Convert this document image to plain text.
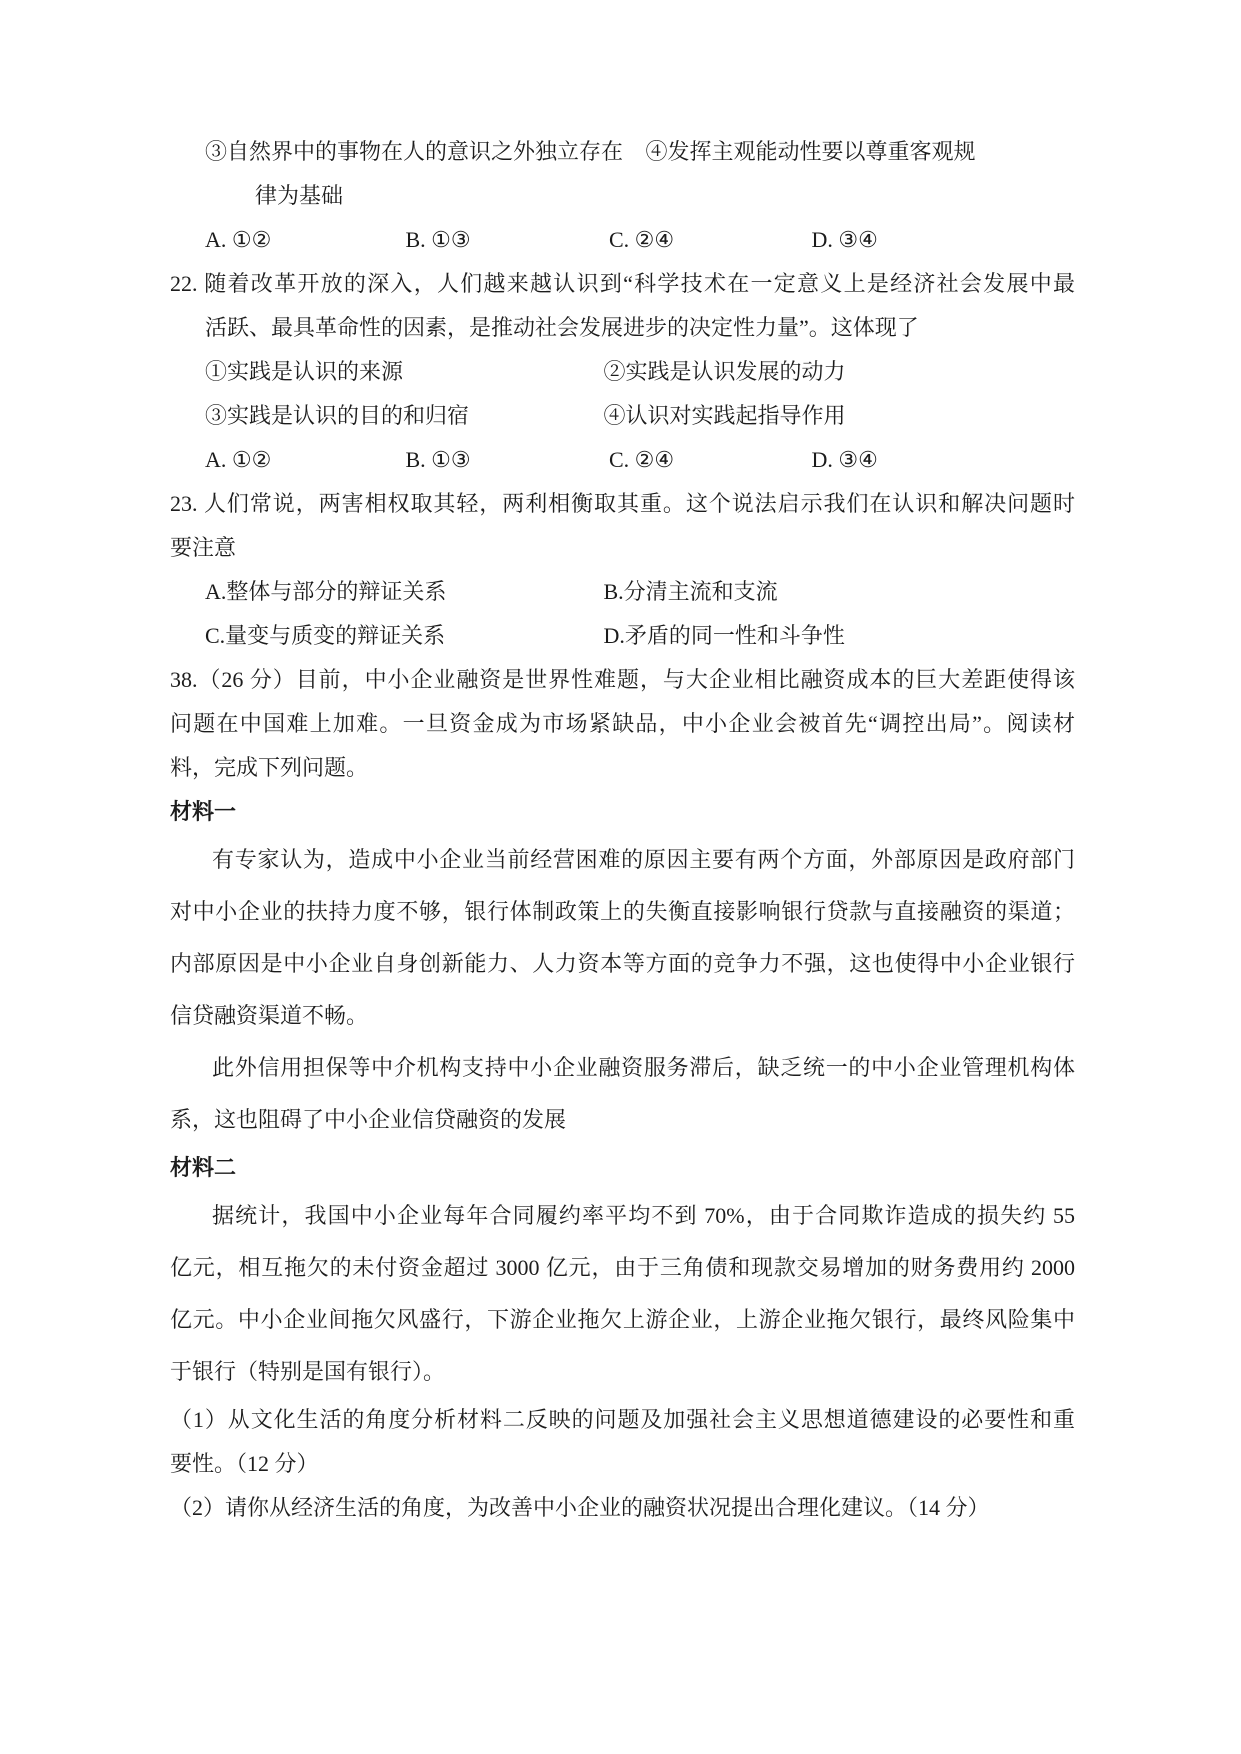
③自然界中的事物在人的意识之外独立存在 ④发挥主观能动性要以尊重客观规
律为基础
A. ①②	B. ①③	C. ②④	D. ③④
22. 随着改革开放的深入，人们越来越认识到“科学技术在一定意义上是经济社会发展中最
活跃、最具革命性的因素，是推动社会发展进步的决定性力量”。这体现了
①实践是认识的来源	②实践是认识发展的动力
③实践是认识的目的和归宿	④认识对实践起指导作用
A. ①②	B. ①③	C. ②④	D. ③④
23. 人们常说，两害相权取其轻，两利相衡取其重。这个说法启示我们在认识和解决问题时
要注意
A.整体与部分的辩证关系	B.分清主流和支流
C.量变与质变的辩证关系	D.矛盾的同一性和斗争性
38.（26 分）目前，中小企业融资是世界性难题，与大企业相比融资成本的巨大差距使得该
问题在中国难上加难。一旦资金成为市场紧缺品，中小企业会被首先“调控出局”。阅读材
料，完成下列问题。
材料一
有专家认为，造成中小企业当前经营困难的原因主要有两个方面，外部原因是政府部门
对中小企业的扶持力度不够，银行体制政策上的失衡直接影响银行贷款与直接融资的渠道；
内部原因是中小企业自身创新能力、人力资本等方面的竞争力不强，这也使得中小企业银行
信贷融资渠道不畅。
此外信用担保等中介机构支持中小企业融资服务滞后，缺乏统一的中小企业管理机构体
系，这也阻碍了中小企业信贷融资的发展
材料二
据统计，我国中小企业每年合同履约率平均不到 70%，由于合同欺诈造成的损失约 55
亿元，相互拖欠的未付资金超过 3000 亿元，由于三角债和现款交易增加的财务费用约 2000
亿元。中小企业间拖欠风盛行，下游企业拖欠上游企业，上游企业拖欠银行，最终风险集中
于银行（特别是国有银行）。
（1）从文化生活的角度分析材料二反映的问题及加强社会主义思想道德建设的必要性和重
要性。（12 分）
（2）请你从经济生活的角度，为改善中小企业的融资状况提出合理化建议。（14 分）
